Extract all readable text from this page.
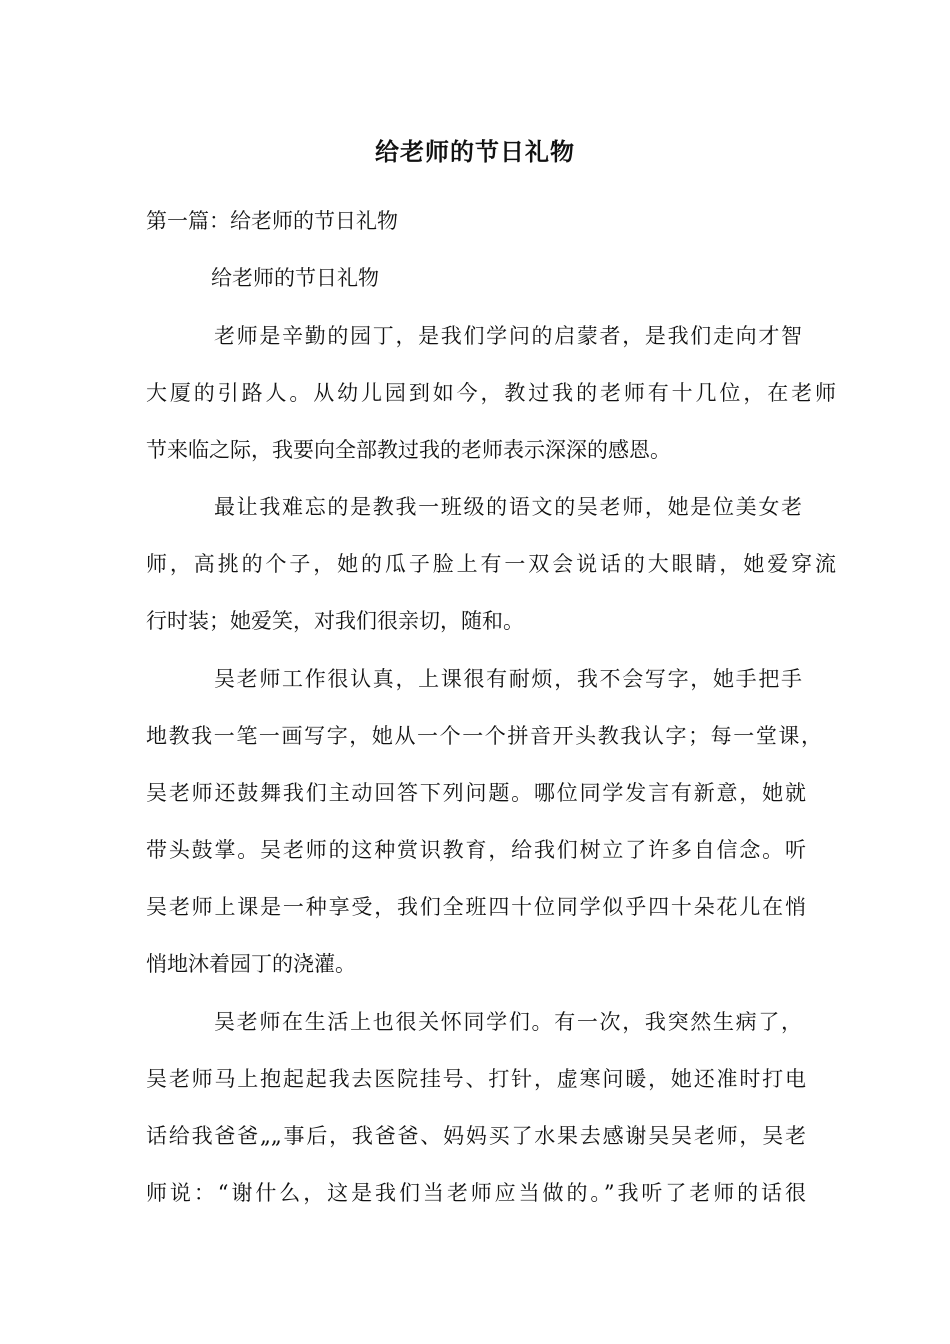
给老师的节日礼物
第一篇：给老师的节日礼物
给老师的节日礼物
老师是辛勤的园丁，是我们学问的启蒙者，是我们走向才智
大厦的引路人。从幼儿园到如今，教过我的老师有十几位，在老师
节来临之际，我要向全部教过我的老师表示深深的感恩。
最让我难忘的是教我一班级的语文的吴老师，她是位美女老
师，高挑的个子，她的瓜子脸上有一双会说话的大眼睛，她爱穿流
行时装；她爱笑，对我们很亲切，随和。
吴老师工作很认真，上课很有耐烦，我不会写字，她手把手
地教我一笔一画写字，她从一个一个拼音开头教我认字；每一堂课，
吴老师还鼓舞我们主动回答下列问题。哪位同学发言有新意，她就
带头鼓掌。吴老师的这种赏识教育，给我们树立了许多自信念。听
吴老师上课是一种享受，我们全班四十位同学似乎四十朵花儿在悄
悄地沐着园丁的浇灌。
吴老师在生活上也很关怀同学们。有一次，我突然生病了，
吴老师马上抱起起我去医院挂号、打针，虚寒问暖，她还准时打电
话给我爸爸„„事后，我爸爸、妈妈买了水果去感谢吴吴老师，吴老
师说：“谢什么，这是我们当老师应当做的。”我听了老师的话很
